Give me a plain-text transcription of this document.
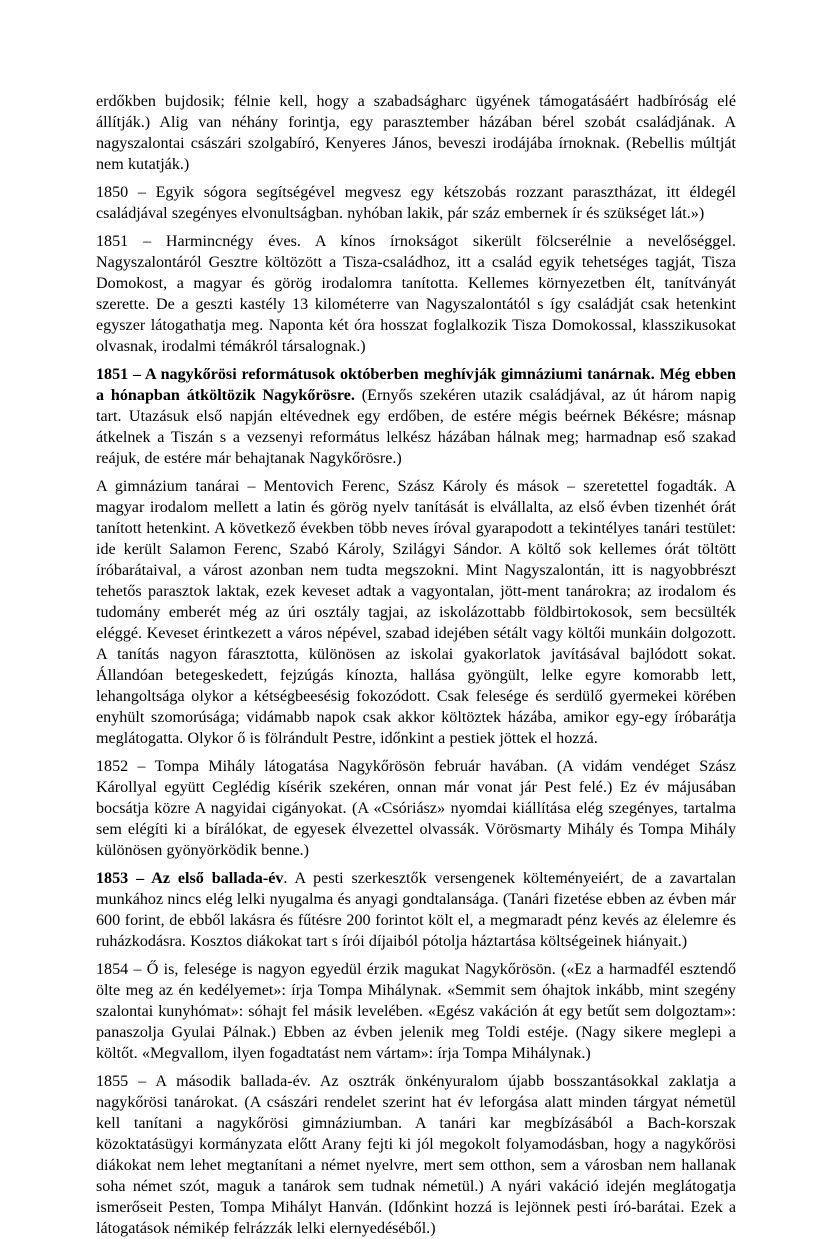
erdőkben bujdosik; félnie kell, hogy a szabadságharc ügyének támogatásáért hadbíróság elé állítják.) Alig van néhány forintja, egy parasztember házában bérel szobát családjának. A nagyszalontai császári szolgabíró, Kenyeres János, beveszi irodájába írnoknak. (Rebellis múltját nem kutatják.)

1850 – Egyik sógora segítségével megvesz egy kétszobás rozzant parasztházat, itt éldegél családjával szegényes elvonultságban. nyhóban lakik, pár száz embernek ír és szükséget lát.»)

1851 – Harmincnégy éves. A kínos írnokságot sikerült fölcserélnie a nevelőséggel. Nagyszalontáról Gesztre költözött a Tisza-családhoz, itt a család egyik tehetséges tagját, Tisza Domokost, a magyar és görög irodalomra tanította. Kellemes környezetben élt, tanítványát szerette. De a geszti kastély 13 kilométerre van Nagyszalontától s így családját csak hetenkint egyszer látogathatja meg. Naponta két óra hosszat foglalkozik Tisza Domokossal, klasszikusokat olvasnak, irodalmi témákról társalognak.)

1851 – A nagykőrösi reformátusok októberben meghívják gimnáziumi tanárnak. Még ebben a hónapban átköltözik Nagykőrösre. (Ernyős szekéren utazik családjával, az út három napig tart. Utazásuk első napján eltévednek egy erdőben, de estére mégis beérnek Békésre; másnap átkelnek a Tiszán s a vezsenyi református lelkész házában hálnak meg; harmadnap eső szakad reájuk, de estére már behajtanak Nagykőrösre.)

A gimnázium tanárai – Mentovich Ferenc, Szász Károly és mások – szeretettel fogadták. A magyar irodalom mellett a latin és görög nyelv tanítását is elvállalta, az első évben tizenhét órát tanított hetenkint. A következő években több neves íróval gyarapodott a tekintélyes tanári testület: ide került Salamon Ferenc, Szabó Károly, Szilágyi Sándor. A költő sok kellemes órát töltött íróbarátaival, a várost azonban nem tudta megszokni. Mint Nagyszalontán, itt is nagyobbrészt tehetős parasztok laktak, ezek keveset adtak a vagyontalan, jött-ment tanárokra; az irodalom és tudomány emberét még az úri osztály tagjai, az iskolázottabb földbirtokosok, sem becsülték eléggé. Keveset érintkezett a város népével, szabad idejében sétált vagy költői munkáin dolgozott. A tanítás nagyon fárasztotta, különösen az iskolai gyakorlatok javításával bajlódott sokat. Állandóan betegeskedett, fejzúgás kínozta, hallása gyöngült, lelke egyre komorabb lett, lehangoltsága olykor a kétségbeesésig fokozódott. Csak felesége és serdülő gyermekei körében enyhült szomorúsága; vidámabb napok csak akkor költöztek házába, amikor egy-egy íróbarátja meglátogatta. Olykor ő is fölrándult Pestre, időnkint a pestiek jöttek el hozzá.

1852 – Tompa Mihály látogatása Nagykőrösön február havában. (A vidám vendéget Szász Károllyal együtt Ceglédig kísérik szekéren, onnan már vonat jár Pest felé.) Ez év májusában bocsátja közre A nagyidai cigányokat. (A «Csóriász» nyomdai kiállítása elég szegényes, tartalma sem elégíti ki a bírálókat, de egyesek élvezettel olvassák. Vörösmarty Mihály és Tompa Mihály különösen gyönyörködik benne.)

1853 – Az első ballada-év. A pesti szerkesztők versengenek költeményeiért, de a zavartalan munkához nincs elég lelki nyugalma és anyagi gondtalansága. (Tanári fizetése ebben az évben már 600 forint, de ebből lakásra és fűtésre 200 forintot költ el, a megmaradt pénz kevés az élelemre és ruházkodásra. Kosztos diákokat tart s írói díjaiból pótolja háztartása költségeinek hiányait.)

1854 – Ő is, felesége is nagyon egyedül érzik magukat Nagykőrösön. («Ez a harmadfél esztendő ölte meg az én kedélyemet»: írja Tompa Mihálynak. «Semmit sem óhajtok inkább, mint szegény szalontai kunyhómat»: sóhajt fel másik levelében. «Egész vakáción át egy betűt sem dolgoztam»: panaszolja Gyulai Pálnak.) Ebben az évben jelenik meg Toldi estéje. (Nagy sikere meglepi a költőt. «Megvallom, ilyen fogadtatást nem vártam»: írja Tompa Mihálynak.)

1855 – A második ballada-év. Az osztrák önkényuralom újabb bosszantásokkal zaklatja a nagykőrösi tanárokat. (A császári rendelet szerint hat év leforgása alatt minden tárgyat németül kell tanítani a nagykőrösi gimnáziumban. A tanári kar megbízásából a Bach-korszak közoktatásügyi kormányzata előtt Arany fejti ki jól megokolt folyamodásban, hogy a nagykőrösi diákokat nem lehet megtanítani a német nyelvre, mert sem otthon, sem a városban nem hallanak soha német szót, maguk a tanárok sem tudnak németül.) A nyári vakáció idején meglátogatja ismerőseit Pesten, Tompa Mihályt Hanván. (Időnkint hozzá is lejönnek pesti író-barátai. Ezek a látogatások némikép felrázzák lelki elernyedéséből.)
